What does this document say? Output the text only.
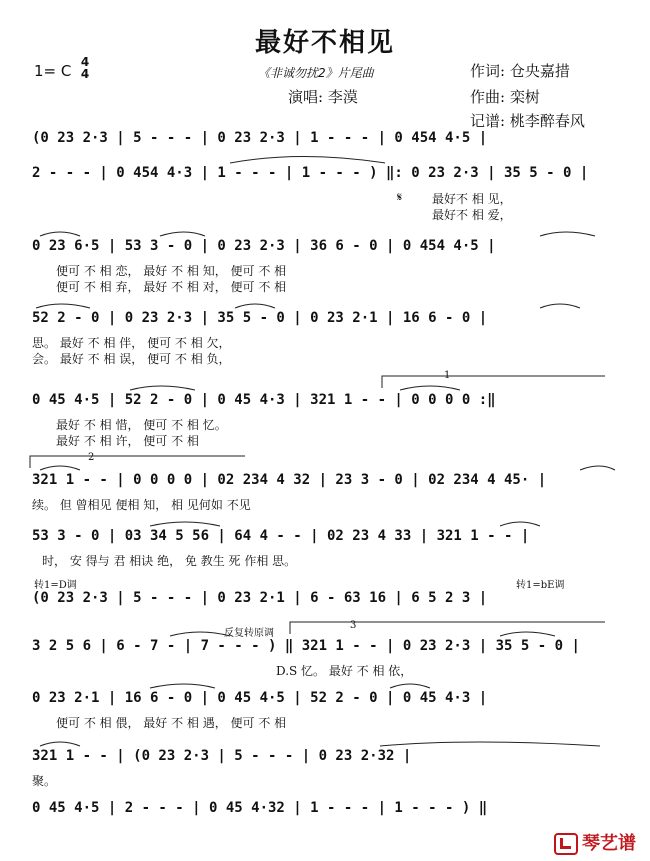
最好不相见
1= C 4
4	《非诚勿扰2》片尾曲	作词: 仓央嘉措
演唱: 李漠	作曲: 栾树
记谱: 桃李醉春风
(0 23 2·3 | 5 - - - | 0 23 2·3 | 1 - - - | 0 454 4·5 |
2 - - - | 0 454 4·3 | 1 - - - | 1 - - - ) ‖: 0 23 2·3 | 35 5 - 0 |
𝄋 最好不 相 见，
最好不 相 爱，
0 23 6·5 | 53 3 - 0 | 0 23 2·3 | 36 6 - 0 | 0 454 4·5 |
便可 不 相 恋， 最好 不 相 知， 便可 不 相
便可 不 相 弃， 最好 不 相 对， 便可 不 相
52 2 - 0 | 0 23 2·3 | 35 5 - 0 | 0 23 2·1 | 16 6 - 0 |
思。 最好 不 相 伴， 便可 不 相 欠，
会。 最好 不 相 误， 便可 不 相 负，
1
0 45 4·5 | 52 2 - 0 | 0 45 4·3 | 321 1 - - | 0 0 0 0 :‖
最好 不 相 惜， 便可 不 相 忆。
最好 不 相 许， 便可 不 相
2
321 1 - - | 0 0 0 0 | 02 234 4 32 | 23 3 - 0 | 02 234 4 45· |
续。 但 曾相见 便相 知， 相 见何如 不见
53 3 - 0 | 03 34 5 56 | 64 4 - - | 02 23 4 33 | 321 1 - - |
时， 安 得与 君 相诀 绝， 免 教生 死 作相 思。
转1=D调	转1=bE调
(0 23 2·3 | 5 - - - | 0 23 2·1 | 6 - 63 16 | 6 5 2 3 |
反复转原调
3
3 2 5 6 | 6 - 7 - | 7 - - - ) ‖ 321 1 - - | 0 23 2·3 | 35 5 - 0 |
D.S 忆。 最好 不 相 依，
0 23 2·1 | 16 6 - 0 | 0 45 4·5 | 52 2 - 0 | 0 45 4·3 |
便可 不 相 偎， 最好 不 相 遇， 便可 不 相
321 1 - - | (0 23 2·3 | 5 - - - | 0 23 2·32 |
聚。
0 45 4·5 | 2 - - - | 0 45 4·32 | 1 - - - | 1 - - - ) ‖
琴艺谱
